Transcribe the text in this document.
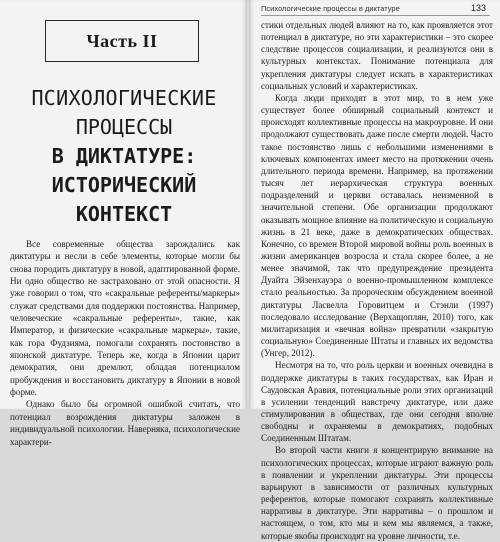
Часть II
ПСИХОЛОГИЧЕСКИЕ
ПРОЦЕССЫ
В ДИКТАТУРЕ:
ИСТОРИЧЕСКИЙ
КОНТЕКСТ

Все современные общества зарождались как диктатуры и несли в себе элементы, которые могли бы снова породить диктатуру в новой, адаптированной форме. Ни одно общество не застраховано от этой опасности. Я уже говорил о том, что «сакральные референты/маркеры» служат средствами для поддержки постоянства. Например, человеческие «сакральные референты», такие, как Император, и физические «сакральные маркеры», такие, как гора Фудзияма, помогали сохранять постоянство в японской диктатуре. Теперь же, когда в Японии царит демократия, они дремлют, обладая потенциалом пробуждения и восстановить диктатуру в Японии в новой форме.

Однако было бы огромной ошибкой считать, что потенциал возрождения диктатуры заложен в индивидуальной психологии. Наверняка, психологические характери-

Психологические процессы в диктатуре	133

стики отдельных людей влияют на то, как проявляется этот потенциал в диктатуре, но эти характеристики – это скорее следствие процессов социализации, и реализуются они в культурных контекстах. Понимание потенциала для укрепления диктатуры следует искать в характеристиках социальных условий и характеристиках.

Когда люди приходят в этот мир, то в нем уже существует более обширный социальный контекст и происходят коллективные процессы на макроуровне. И они продолжают существовать даже после смерти людей. Часто такое постоянство лишь с небольшими изменениями в ключевых компонентах имеет место на протяжении очень длительного периода времени. Например, на протяжении тысяч лет иерархическая структура военных подразделений и церкви оставалась неизменной в значительной степени. Обе организации продолжают оказывать мощное влияние на политическую и социальную жизнь в 21 веке, даже в демократических обществах. Конечно, со времен Второй мировой войны роль военных в жизни американцев возросла и стала скорее более, а не менее значимой, так что предупреждение президента Дуайта Эйзенхауэра о военно-промышленном комплексе стало реальностью. За пророческим обсуждением военной диктатуры Ласвелла Горовитцем и Стэнли (1997) последовало исследование (Верхащоплян, 2010) того, как милитаризация и «вечная война» превратили «закрытую социальную» Соединенные Штаты и главных их ведомства (Унгер, 2012).

Несмотря на то, что роль церкви и военных очевидна в поддержке диктатуры в таких государствах, как Иран и Саудовская Аравия, потенциальные роли этих организаций в усилении тенденций навстречу диктатуре, или даже стимулирования в обществах, где они сегодня вполне свободны и охраняемы в демократиях, подобных Соединенным Штатам.

Во второй части книги я концентрирую внимание на психологических процессах, которые играют важную роль в появлении и укреплении диктатуры. Эти процессы варьируют в зависимости от различных культурных референтов, которые помогают сохранять коллективные нарративы в диктатуре. Эти нарративы – о прошлом и настоящем, о том, кто мы и кем мы являемся, а также, которые якобы происходят на уровне личности, т.е.
